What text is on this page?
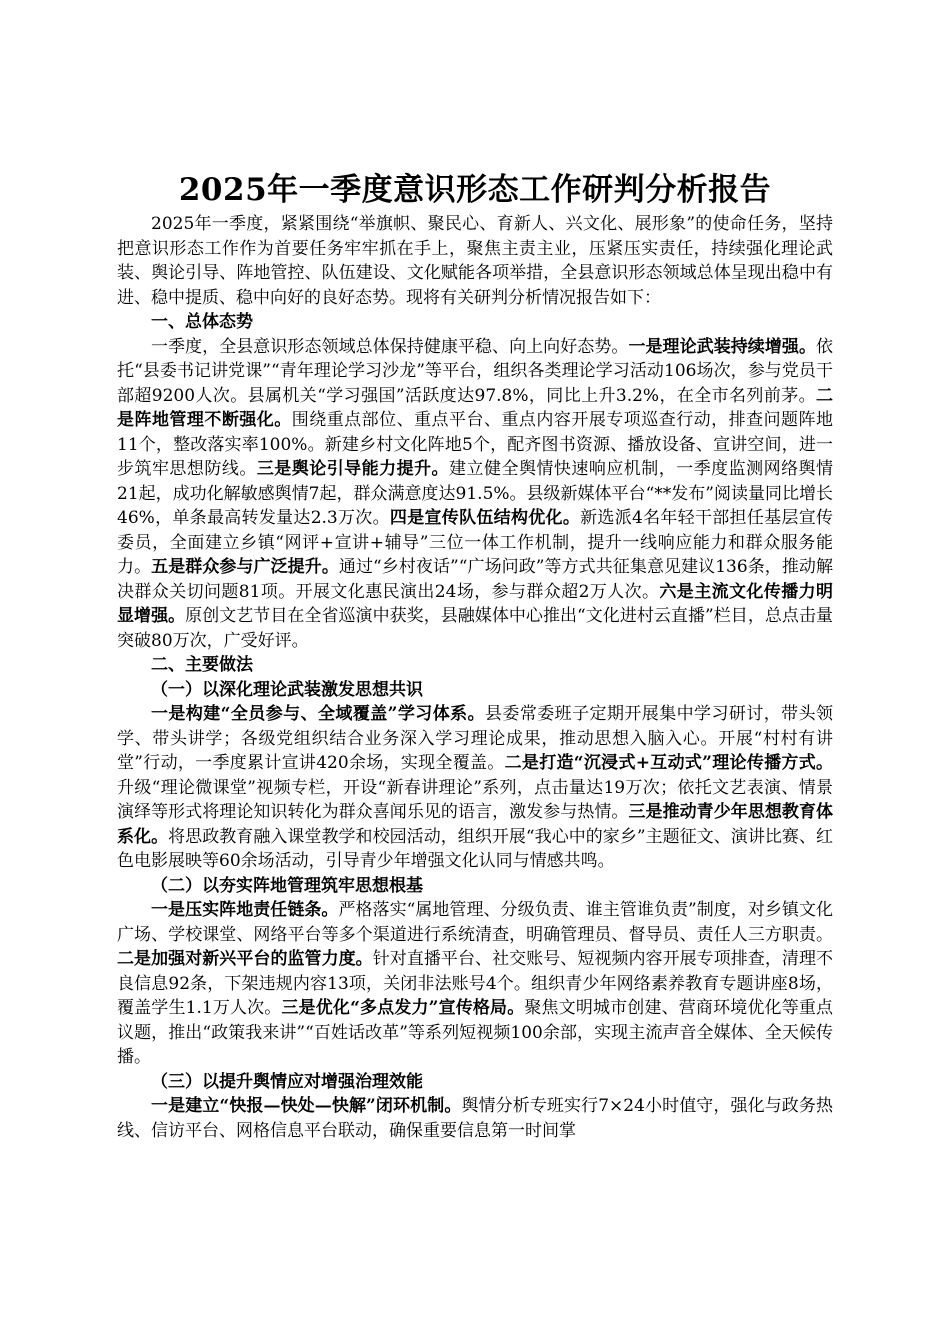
2025年一季度意识形态工作研判分析报告

2025年一季度，紧紧围绕“举旗帜、聚民心、育新人、兴文化、展形象”的使命任务，坚持把意识形态工作作为首要任务牢牢抓在手上，聚焦主责主业，压紧压实责任，持续强化理论武装、舆论引导、阵地管控、队伍建设、文化赋能各项举措，全县意识形态领域总体呈现出稳中有进、稳中提质、稳中向好的良好态势。现将有关研判分析情况报告如下：

一、总体态势

一季度，全县意识形态领域总体保持健康平稳、向上向好态势。一是理论武装持续增强。依托“县委书记讲党课”“青年理论学习沙龙”等平台，组织各类理论学习活动106场次，参与党员干部超9200人次。县属机关“学习强国”活跃度达97.8%，同比上升3.2%，在全市名列前茅。二是阵地管理不断强化。围绕重点部位、重点平台、重点内容开展专项巡查行动，排查问题阵地11个，整改落实率100%。新建乡村文化阵地5个，配齐图书资源、播放设备、宣讲空间，进一步筑牢思想防线。三是舆论引导能力提升。建立健全舆情快速响应机制，一季度监测网络舆情21起，成功化解敏感舆情7起，群众满意度达91.5%。县级新媒体平台“**发布”阅读量同比增长46%，单条最高转发量达2.3万次。四是宣传队伍结构优化。新选派4名年轻干部担任基层宣传委员，全面建立乡镇“网评+宣讲+辅导”三位一体工作机制，提升一线响应能力和群众服务能力。五是群众参与广泛提升。通过“乡村夜话”“广场问政”等方式共征集意见建议136条，推动解决群众关切问题81项。开展文化惠民演出24场，参与群众超2万人次。六是主流文化传播力明显增强。原创文艺节目在全省巡演中获奖，县融媒体中心推出“文化进村云直播”栏目，总点击量突破80万次，广受好评。

二、主要做法
（一）以深化理论武装激发思想共识

一是构建“全员参与、全域覆盖”学习体系。县委常委班子定期开展集中学习研讨，带头领学、带头讲学；各级党组织结合业务深入学习理论成果，推动思想入脑入心。开展“村村有讲堂”行动，一季度累计宣讲420余场，实现全覆盖。二是打造“沉浸式+互动式”理论传播方式。升级“理论微课堂”视频专栏，开设“新春讲理论”系列，点击量达19万次；依托文艺表演、情景演绎等形式将理论知识转化为群众喜闻乐见的语言，激发参与热情。三是推动青少年思想教育体系化。将思政教育融入课堂教学和校园活动，组织开展“我心中的家乡”主题征文、演讲比赛、红色电影展映等60余场活动，引导青少年增强文化认同与情感共鸣。

（二）以夯实阵地管理筑牢思想根基

一是压实阵地责任链条。严格落实“属地管理、分级负责、谁主管谁负责”制度，对乡镇文化广场、学校课堂、网络平台等多个渠道进行系统清查，明确管理员、督导员、责任人三方职责。二是加强对新兴平台的监管力度。针对直播平台、社交账号、短视频内容开展专项排查，清理不良信息92条，下架违规内容13项，关闭非法账号4个。组织青少年网络素养教育专题讲座8场，覆盖学生1.1万人次。三是优化“多点发力”宣传格局。聚焦文明城市创建、营商环境优化等重点议题，推出“政策我来讲”“百姓话改革”等系列短视频100余部，实现主流声音全媒体、全天候传播。

（三）以提升舆情应对增强治理效能

一是建立“快报—快处—快解”闭环机制。舆情分析专班实行7×24小时值守，强化与政务热线、信访平台、网格信息平台联动，确保重要信息第一时间掌
